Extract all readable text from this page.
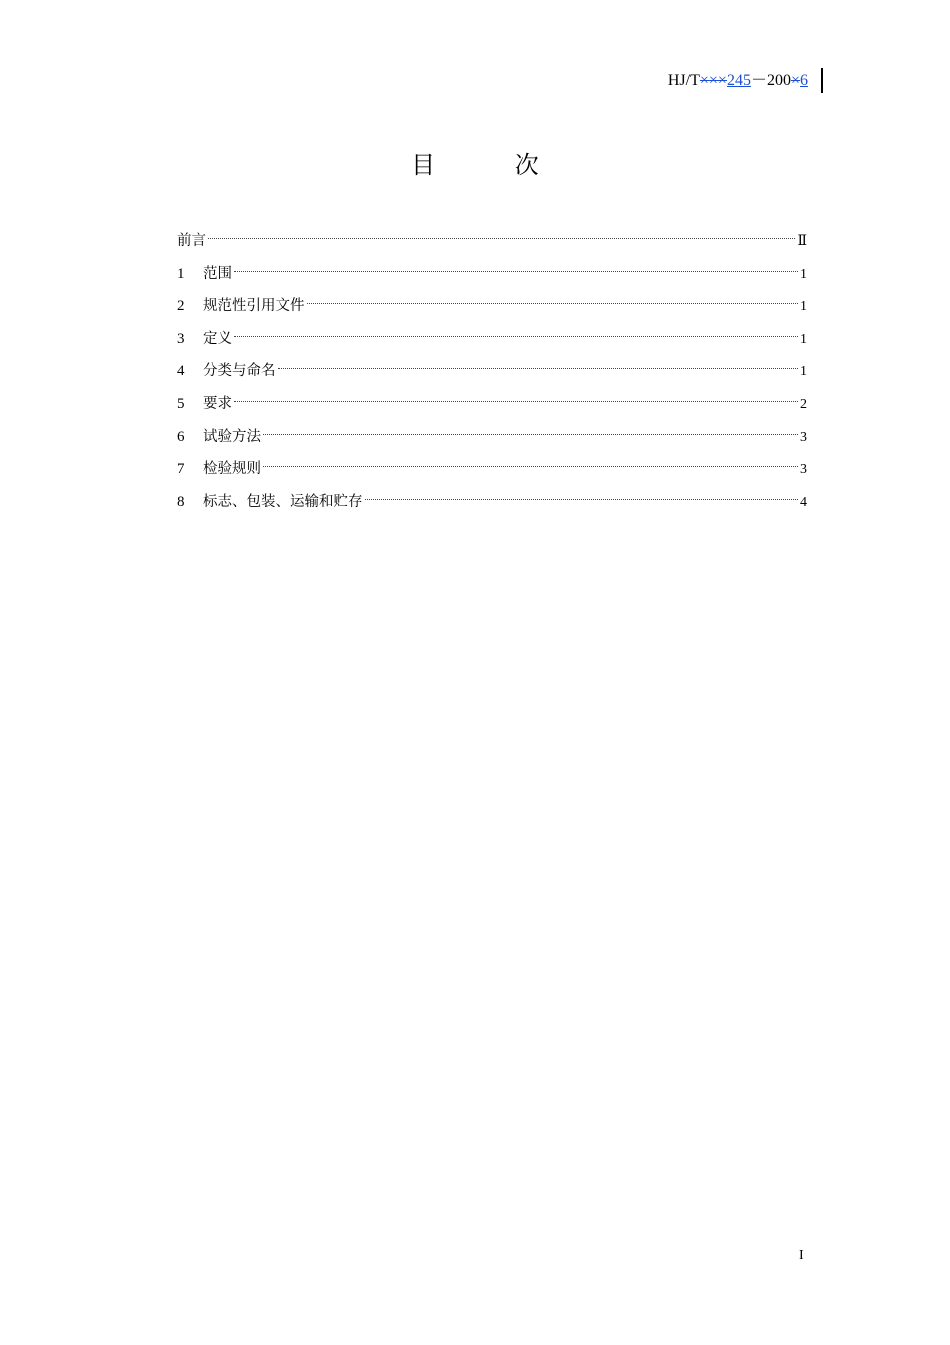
HJ/T×××245－200×6
目 次
前言	Ⅱ
1	范围	1
2	规范性引用文件	1
3	定义	1
4	分类与命名	1
5	要求	2
6	试验方法	3
7	检验规则	3
8	标志、包装、运输和贮存	4
I
